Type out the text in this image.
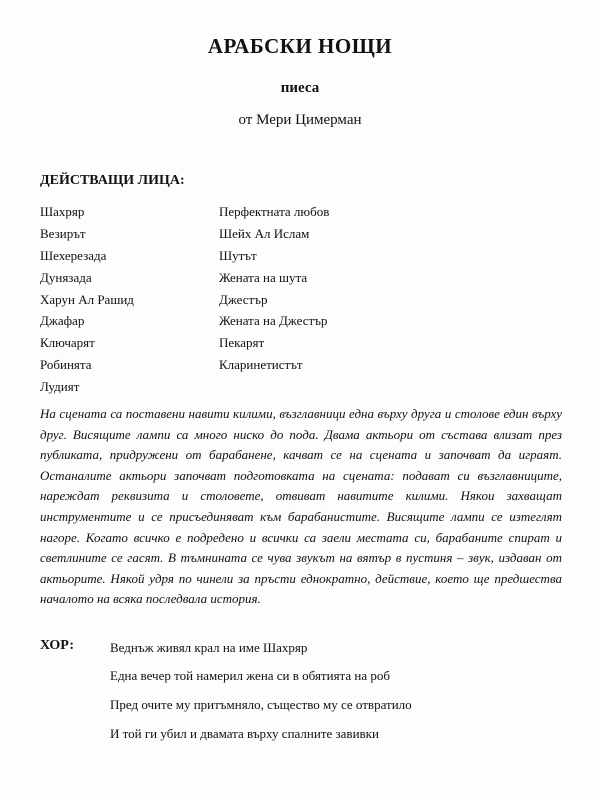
АРАБСКИ НОЩИ
пиеса
от Мери Цимерман
ДЕЙСТВАЩИ ЛИЦА:
Шахряр
Везирът
Шехерезада
Дунязада
Харун Ал Рашид
Джафар
Ключарят
Робинята
Лудият
Перфектната любов
Шейх Ал Ислам
Шутът
Жената на шута
Джестър
Жената на Джестър
Пекарят
Кларинетистът

На сцената са поставени навити килими, възглавници една върху друга и столове един върху друг. Висящите лампи са много ниско до пода. Двама актьори от състава влизат през публиката, придружени от барабанене, качват се на сцената и започват да играят. Останалите актьори започват подготовката на сцената: подават си възглавниците, нареждат реквизита и столовете, отвиват навитите килими. Някои захващат инструментите и се присъединяват към барабанистите. Висящите лампи се изтеглят нагоре. Когато всичко е подредено и всички са заели местата си, барабаните спират и светлините се гасят. В тъмнината се чува звукът на вятър в пустиня – звук, издаван от актьорите. Някой удря по чинели за пръсти еднократно, действие, което ще предшества началото на всяка последвала история.

ХОР:	Веднъж живял крал на име Шахряр
Една вечер той намерил жена си в обятията на роб
Пред очите му притъмняло, същество му се отвратило
И той ги убил и двамата върху спалните завивки
